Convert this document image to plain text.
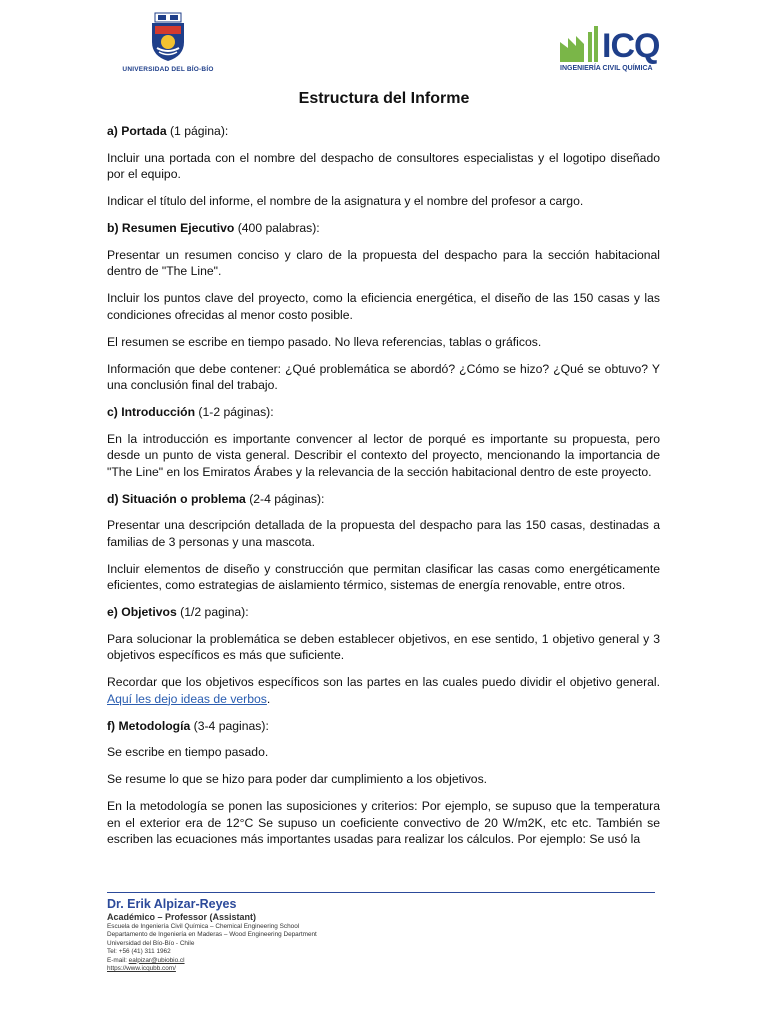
UNIVERSIDAD DEL BÍO-BÍO
ICQ
INGENIERÍA CIVIL QUÍMICA
Estructura del Informe

a) Portada (1 página):

Incluir una portada con el nombre del despacho de consultores especialistas y el logotipo diseñado por el equipo.

Indicar el título del informe, el nombre de la asignatura y el nombre del profesor a cargo.

b) Resumen Ejecutivo (400 palabras):

Presentar un resumen conciso y claro de la propuesta del despacho para la sección habitacional dentro de "The Line".

Incluir los puntos clave del proyecto, como la eficiencia energética, el diseño de las 150 casas y las condiciones ofrecidas al menor costo posible.

El resumen se escribe en tiempo pasado. No lleva referencias, tablas o gráficos.

Información que debe contener: ¿Qué problemática se abordó? ¿Cómo se hizo? ¿Qué se obtuvo? Y una conclusión final del trabajo.

c) Introducción (1-2 páginas):

En la introducción es importante convencer al lector de porqué es importante su propuesta, pero desde un punto de vista general. Describir el contexto del proyecto, mencionando la importancia de "The Line" en los Emiratos Árabes y la relevancia de la sección habitacional dentro de este proyecto.

d) Situación o problema (2-4 páginas):

Presentar una descripción detallada de la propuesta del despacho para las 150 casas, destinadas a familias de 3 personas y una mascota.

Incluir elementos de diseño y construcción que permitan clasificar las casas como energéticamente eficientes, como estrategias de aislamiento térmico, sistemas de energía renovable, entre otros.

e) Objetivos (1/2 pagina):

Para solucionar la problemática se deben establecer objetivos, en ese sentido, 1 objetivo general y 3 objetivos específicos es más que suficiente.

Recordar que los objetivos específicos son las partes en las cuales puedo dividir el objetivo general. Aquí les dejo ideas de verbos.

f) Metodología (3-4 paginas):

Se escribe en tiempo pasado.

Se resume lo que se hizo para poder dar cumplimiento a los objetivos.

En la metodología se ponen las suposiciones y criterios: Por ejemplo, se supuso que la temperatura en el exterior era de 12°C Se supuso un coeficiente convectivo de 20 W/m2K, etc etc. También se escriben las ecuaciones más importantes usadas para realizar los cálculos. Por ejemplo: Se usó la

Dr. Erik Alpizar-Reyes
Académico – Professor (Assistant)
Escuela de Ingeniería Civil Química – Chemical Engineering School
Departamento de Ingeniería en Maderas – Wood Engineering Department
Universidad del Bío-Bío - Chile
Tel: +56 (41) 311 1962
E-mail: ealpizar@ubiobio.cl
https://www.icqubb.com/
